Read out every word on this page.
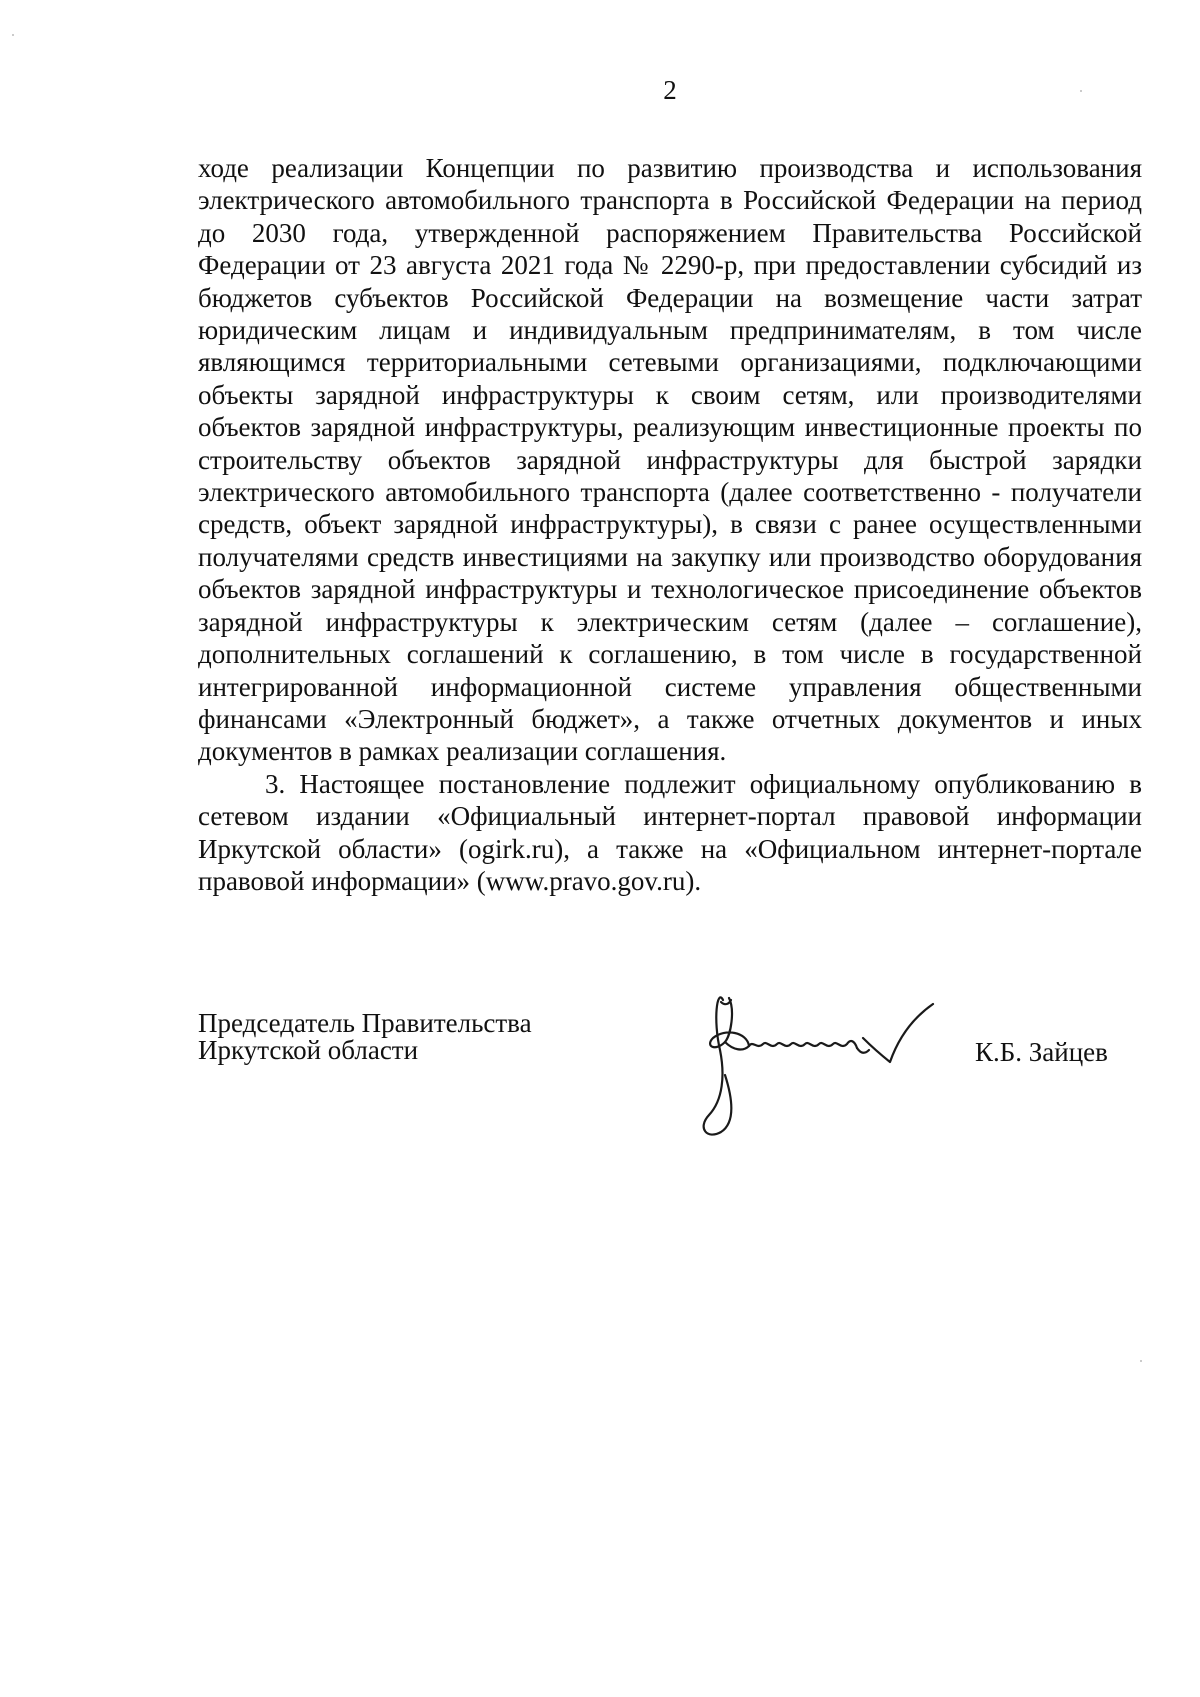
2

ходе реализации Концепции по развитию производства и использования электрического автомобильного транспорта в Российской Федерации на период до 2030 года, утвержденной распоряжением Правительства Российской Федерации от 23 августа 2021 года № 2290-р, при предоставлении субсидий из бюджетов субъектов Российской Федерации на возмещение части затрат юридическим лицам и индивидуальным предпринимателям, в том числе являющимся территориальными сетевыми организациями, подключающими объекты зарядной инфраструктуры к своим сетям, или производителями объектов зарядной инфраструктуры, реализующим инвестиционные проекты по строительству объектов зарядной инфраструктуры для быстрой зарядки электрического автомобильного транспорта (далее соответственно - получатели средств, объект зарядной инфраструктуры), в связи с ранее осуществленными получателями средств инвестициями на закупку или производство оборудования объектов зарядной инфраструктуры и технологическое присоединение объектов зарядной инфраструктуры к электрическим сетям (далее – соглашение), дополнительных соглашений к соглашению, в том числе в государственной интегрированной информационной системе управления общественными финансами «Электронный бюджет», а также отчетных документов и иных документов в рамках реализации соглашения.

3. Настоящее постановление подлежит официальному опубликованию в сетевом издании «Официальный интернет-портал правовой информации Иркутской области» (ogirk.ru), а также на «Официальном интернет-портале правовой информации» (www.pravo.gov.ru).

Председатель Правительства
Иркутской области	К.Б. Зайцев
